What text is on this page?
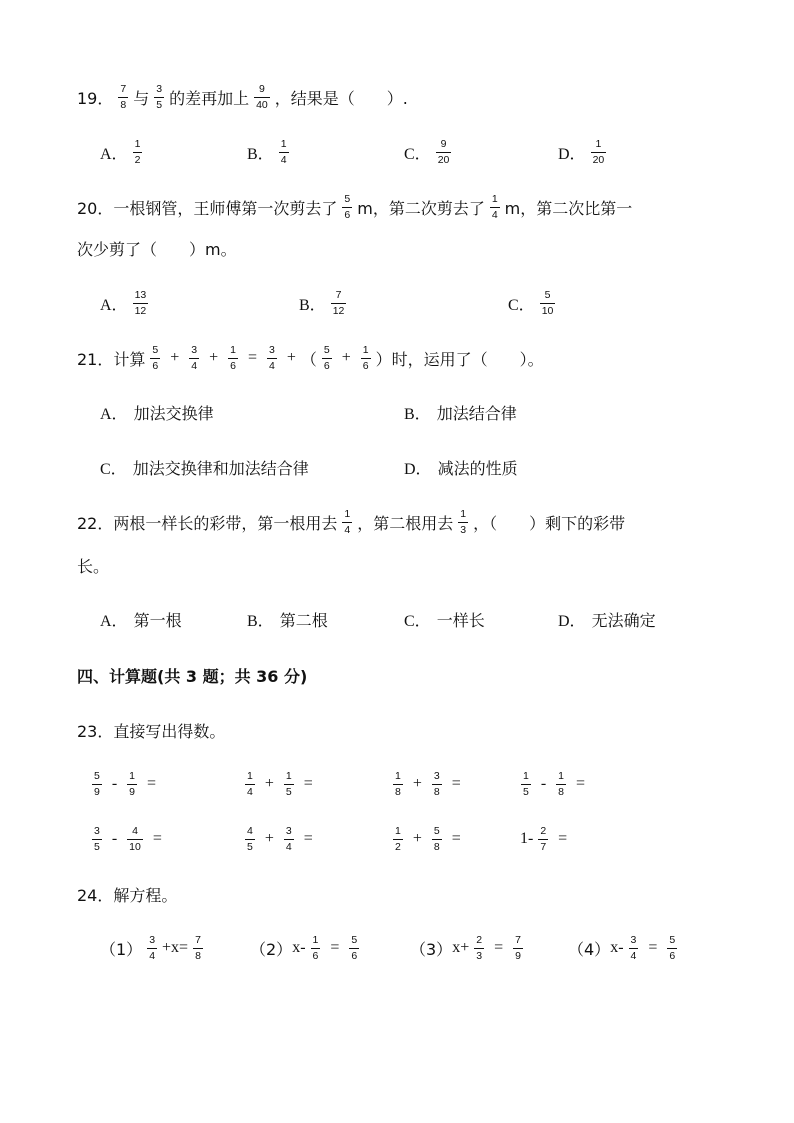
19． $\frac{7}{8}$ 与 $\frac{3}{5}$ 的差再加上 $\frac{9}{40}$ ，结果是（　　）.
A． $\frac{1}{2}$	B． $\frac{1}{4}$	C． $\frac{9}{20}$	D． $\frac{1}{20}$
20． 一根钢管，王师傅第一次剪去了 $\frac{5}{6}$ m，第二次剪去了 $\frac{1}{4}$ m，第二次比第一
次少剪了（　　）m。
A． $\frac{13}{12}$	B． $\frac{7}{12}$	C． $\frac{5}{10}$
21． 计算 $\frac{5}{6} + \frac{3}{4} + \frac{1}{6} = \frac{3}{4}$ + （ $\frac{5}{6} + \frac{1}{6}$ ） 时，运用了（　　）。
A． 加法交换律	B． 加法结合律
C． 加法交换律和加法结合律	D． 减法的性质
22． 两根一样长的彩带，第一根用去 $\frac{1}{4}$ ，第二根用去 $\frac{1}{3}$ ，（　　）剩下的彩带
长。
A． 第一根	B． 第二根	C． 一样长	D． 无法确定
四、计算题(共 3 题；共 36 分)
23． 直接写出得数。
$\frac{5}{9} - \frac{1}{9}$ =	$\frac{1}{4} + \frac{1}{5}$ =	$\frac{1}{8} + \frac{3}{8}$ =	$\frac{1}{5} - \frac{1}{8}$ =
$\frac{3}{5} - \frac{4}{10}$ =	$\frac{4}{5} + \frac{3}{4}$ =	$\frac{1}{2} + \frac{5}{8}$ =	$1- \frac{2}{7}$ =
24． 解方程。
$(1) \frac{3}{4} +x= \frac{7}{8}$	（2） $x- \frac{1}{6} = \frac{5}{6}$	（3） $x+ \frac{2}{3} = \frac{7}{9}$	（4） $x- \frac{3}{4} = \frac{5}{6}$
